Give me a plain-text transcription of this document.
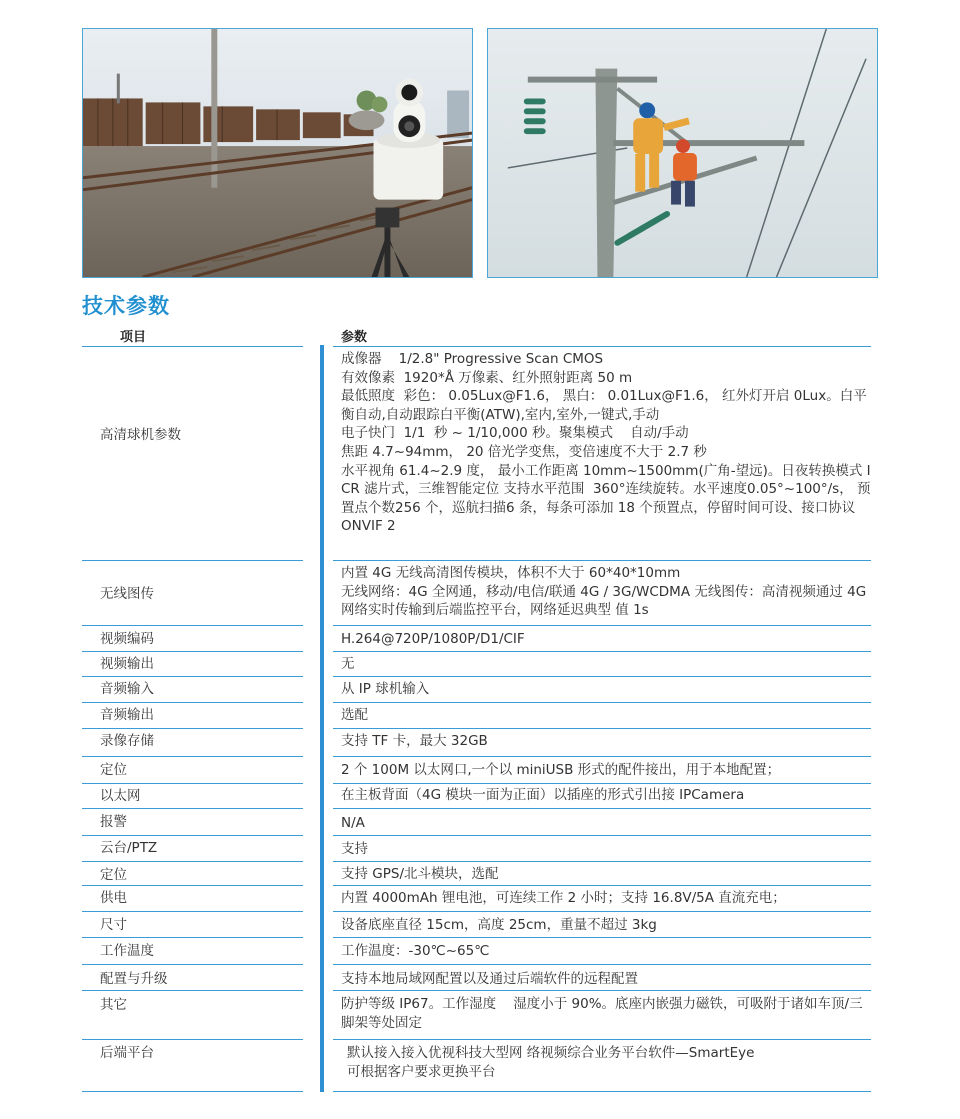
技术参数
项目	参数
高清球机参数
无线图传
视频编码
视频输出
音频输入
音频输出
录像存储
定位
以太网
报警
云台/PTZ
定位
供电
尺寸
工作温度
配置与升级
其它
后端平台
成像器    1/2.8" Progressive Scan CMOS
有效像素  1920*Å 万像素、红外照射距离 50 m
最低照度  彩色： 0.05Lux@F1.6， 黑白： 0.01Lux@F1.6， 红外灯开启 0Lux。白平衡自动,自动跟踪白平衡(ATW),室内,室外,一键式,手动
电子快门  1/1  秒 ~ 1/10,000 秒。聚集模式    自动/手动
焦距 4.7~94mm， 20 倍光学变焦，变倍速度不大于 2.7 秒
水平视角 61.4~2.9 度， 最小工作距离 10mm~1500mm(广角-望远)。日夜转换模式 ICR 滤片式，三维智能定位 支持水平范围  360°连续旋转。水平速度0.05°~100°/s， 预置点个数256 个，巡航扫描6 条，每条可添加 18 个预置点，停留时间可设、接口协议    ONVIF 2
内置 4G 无线高清图传模块，体积不大于 60*40*10mm
无线网络：4G 全网通，移动/电信/联通 4G / 3G/WCDMA 无线图传：高清视频通过 4G 网络实时传输到后端监控平台，网络延迟典型 值 1s
H.264@720P/1080P/D1/CIF
无
从 IP 球机输入
选配
支持 TF 卡，最大 32GB
2 个 100M 以太网口,一个以 miniUSB 形式的配件接出，用于本地配置；
在主板背面（4G 模块一面为正面）以插座的形式引出接 IPCamera
N/A
支持
支持 GPS/北斗模块，选配
内置 4000mAh 锂电池，可连续工作 2 小时；支持 16.8V/5A 直流充电；
设备底座直径 15cm，高度 25cm，重量不超过 3kg
工作温度：-30℃~65℃
支持本地局域网配置以及通过后端软件的远程配置
防护等级 IP67。工作湿度    湿度小于 90%。底座内嵌强力磁铁，可吸附于诸如车顶/三脚架等处固定
默认接入接入优视科技大型网 络视频综合业务平台软件—SmartEye
可根据客户要求更换平台
